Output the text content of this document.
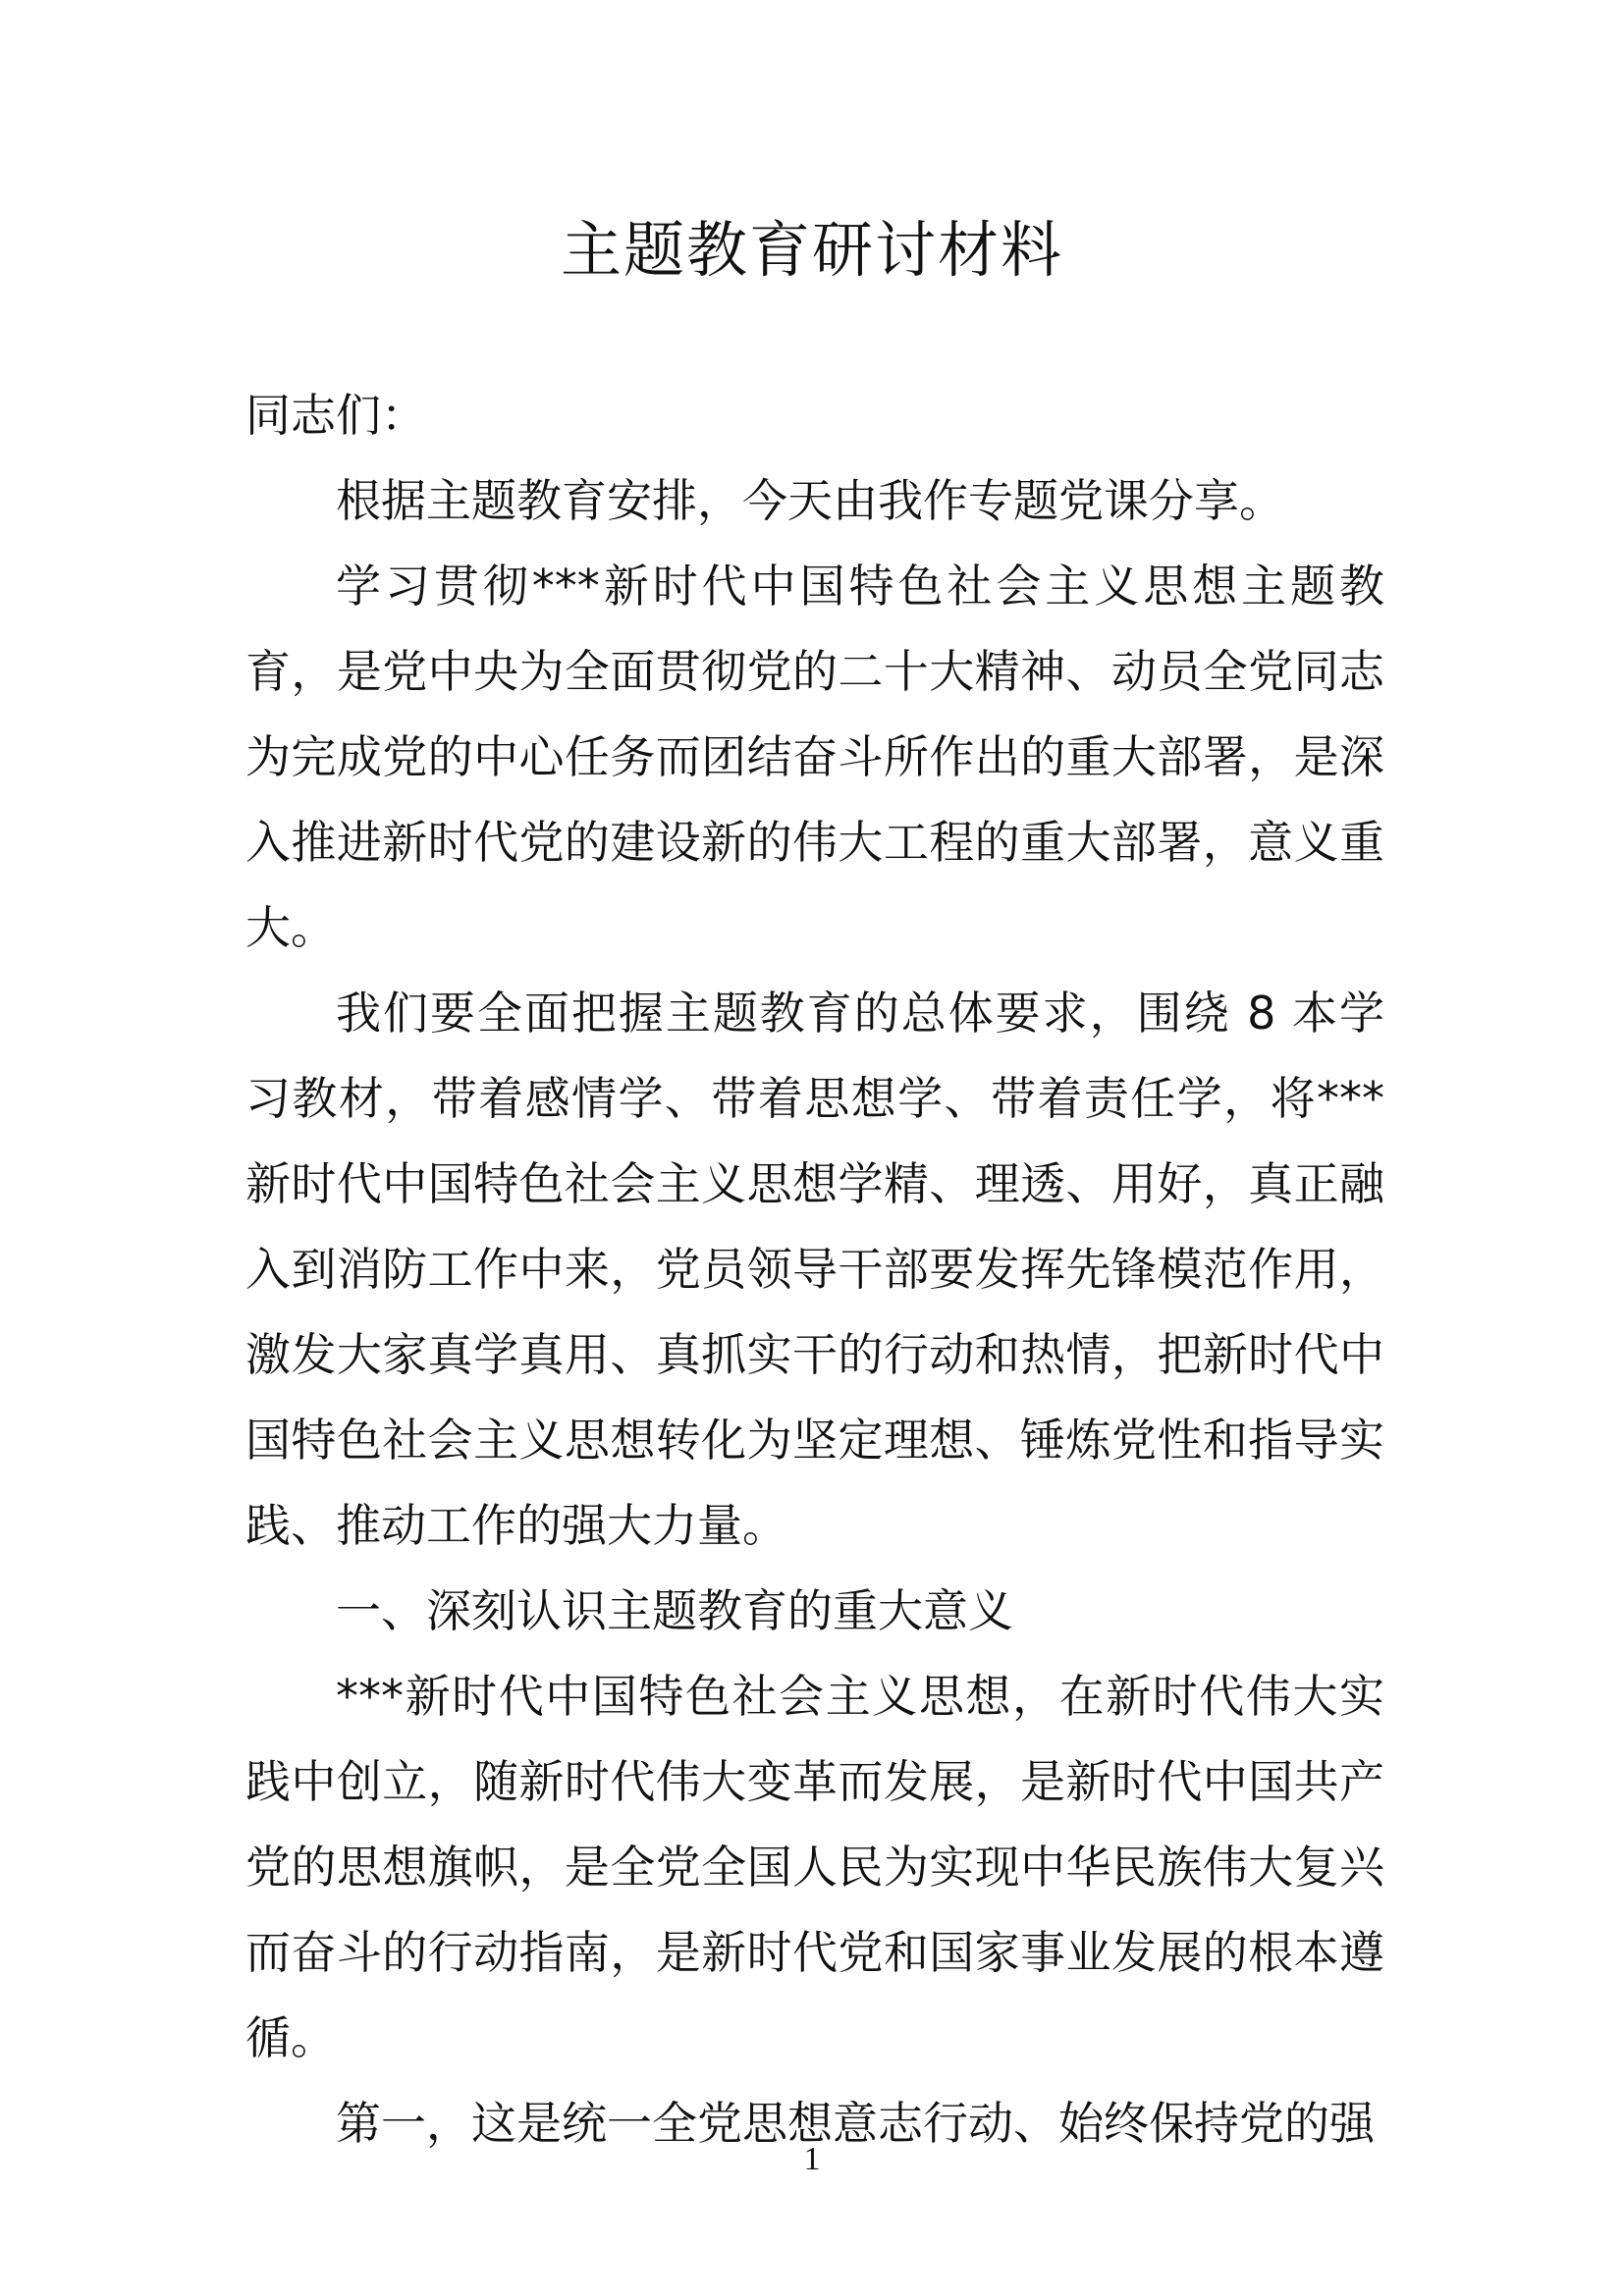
主题教育研讨材料

同志们：

根据主题教育安排，今天由我作专题党课分享。

学习贯彻***新时代中国特色社会主义思想主题教育，是党中央为全面贯彻党的二十大精神、动员全党同志为完成党的中心任务而团结奋斗所作出的重大部署，是深入推进新时代党的建设新的伟大工程的重大部署，意义重大。

我们要全面把握主题教育的总体要求，围绕 8 本学习教材，带着感情学、带着思想学、带着责任学，将***新时代中国特色社会主义思想学精、理透、用好，真正融入到消防工作中来，党员领导干部要发挥先锋模范作用，激发大家真学真用、真抓实干的行动和热情，把新时代中国特色社会主义思想转化为坚定理想、锤炼党性和指导实践、推动工作的强大力量。

一、深刻认识主题教育的重大意义

***新时代中国特色社会主义思想，在新时代伟大实践中创立，随新时代伟大变革而发展，是新时代中国共产党的思想旗帜，是全党全国人民为实现中华民族伟大复兴而奋斗的行动指南，是新时代党和国家事业发展的根本遵循。

第一，这是统一全党思想意志行动、始终保持党的强

1
